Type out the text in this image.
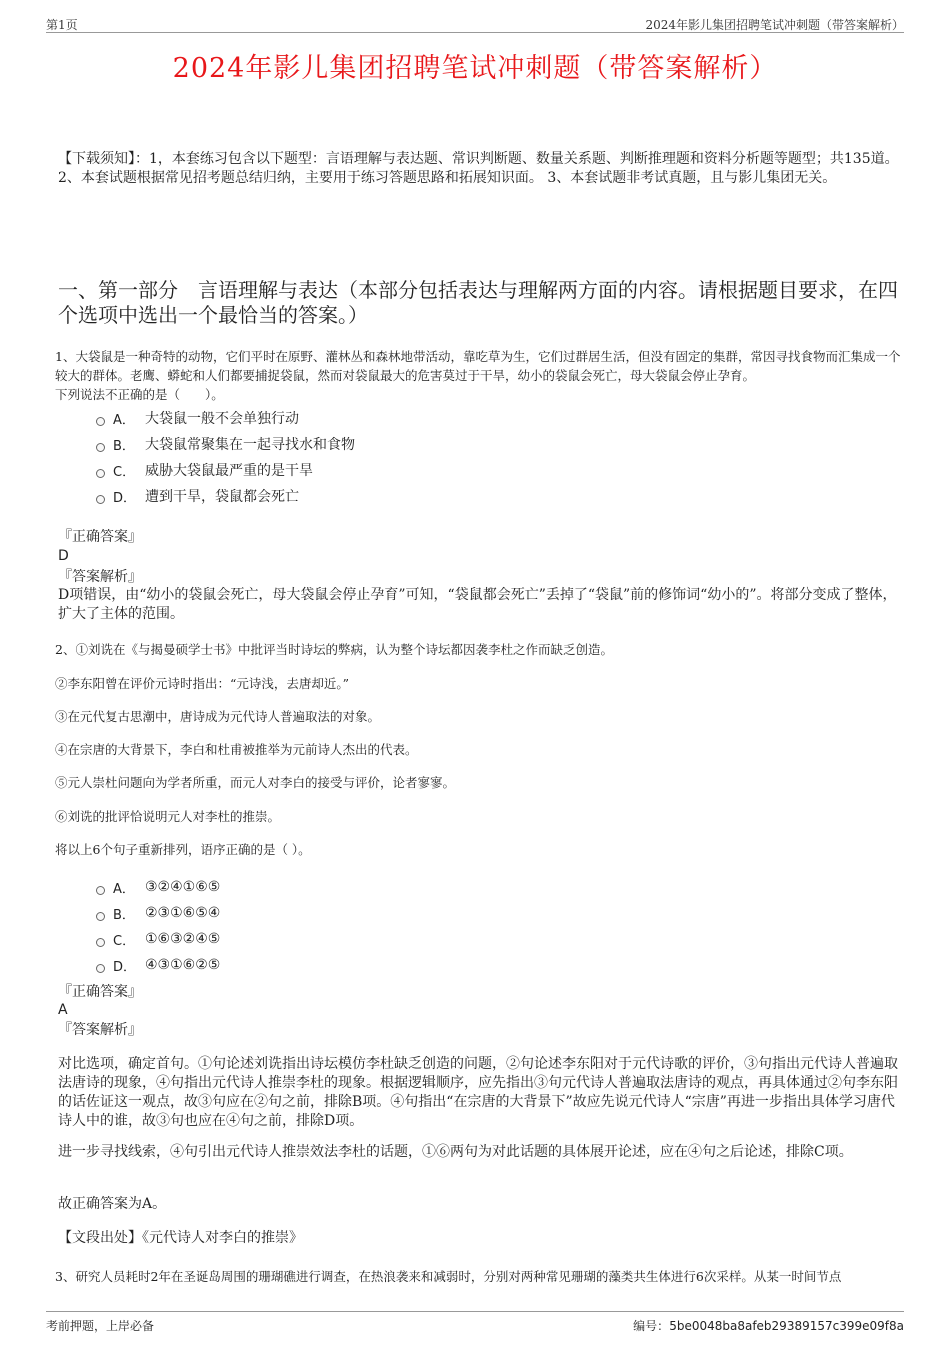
第1页	2024年影儿集团招聘笔试冲刺题（带答案解析）
2024年影儿集团招聘笔试冲刺题（带答案解析）
【下载须知】：1，本套练习包含以下题型：言语理解与表达题、常识判断题、数量关系题、判断推理题和资料分析题等题型；共135道。 2、本套试题根据常见招考题总结归纳，主要用于练习答题思路和拓展知识面。 3、本套试题非考试真题，且与影儿集团无关。
一、第一部分　言语理解与表达（本部分包括表达与理解两方面的内容。请根据题目要求，在四个选项中选出一个最恰当的答案。）
1、大袋鼠是一种奇特的动物，它们平时在原野、灌林丛和森林地带活动，靠吃草为生，它们过群居生活，但没有固定的集群，常因寻找食物而汇集成一个较大的群体。老鹰、蟒蛇和人们都要捕捉袋鼠，然而对袋鼠最大的危害莫过于干旱，幼小的袋鼠会死亡，母大袋鼠会停止孕育。
下列说法不正确的是（　　）。
A． 大袋鼠一般不会单独行动
B． 大袋鼠常聚集在一起寻找水和食物
C． 威胁大袋鼠最严重的是干旱
D． 遭到干旱，袋鼠都会死亡
『正确答案』
D
『答案解析』
D项错误，由“幼小的袋鼠会死亡，母大袋鼠会停止孕育”可知，“袋鼠都会死亡”丢掉了“袋鼠”前的修饰词“幼小的”。将部分变成了整体，扩大了主体的范围。
2、①刘诜在《与揭曼硕学士书》中批评当时诗坛的弊病，认为整个诗坛都因袭李杜之作而缺乏创造。
②李东阳曾在评价元诗时指出：“元诗浅，去唐却近。”
③在元代复古思潮中，唐诗成为元代诗人普遍取法的对象。
④在宗唐的大背景下，李白和杜甫被推举为元前诗人杰出的代表。
⑤元人崇杜问题向为学者所重，而元人对李白的接受与评价，论者寥寥。
⑥刘诜的批评恰说明元人对李杜的推崇。
将以上6个句子重新排列，语序正确的是（ ）。
A． ③②④①⑥⑤
B． ②③①⑥⑤④
C． ①⑥③②④⑤
D． ④③①⑥②⑤
『正确答案』
A
『答案解析』
对比选项，确定首句。①句论述刘诜指出诗坛模仿李杜缺乏创造的问题，②句论述李东阳对于元代诗歌的评价，③句指出元代诗人普遍取法唐诗的现象，④句指出元代诗人推崇李杜的现象。根据逻辑顺序，应先指出③句元代诗人普遍取法唐诗的观点，再具体通过②句李东阳的话佐证这一观点，故③句应在②句之前，排除B项。④句指出“在宗唐的大背景下”故应先说元代诗人“宗唐”再进一步指出具体学习唐代诗人中的谁，故③句也应在④句之前，排除D项。
进一步寻找线索，④句引出元代诗人推崇效法李杜的话题，①⑥两句为对此话题的具体展开论述，应在④句之后论述，排除C项。
故正确答案为A。
【文段出处】《元代诗人对李白的推崇》
3、研究人员耗时2年在圣诞岛周围的珊瑚礁进行调查，在热浪袭来和减弱时，分别对两种常见珊瑚的藻类共生体进行6次采样。从某一时间节点
考前押题，上岸必备	编号：5be0048ba8afeb29389157c399e09f8a
